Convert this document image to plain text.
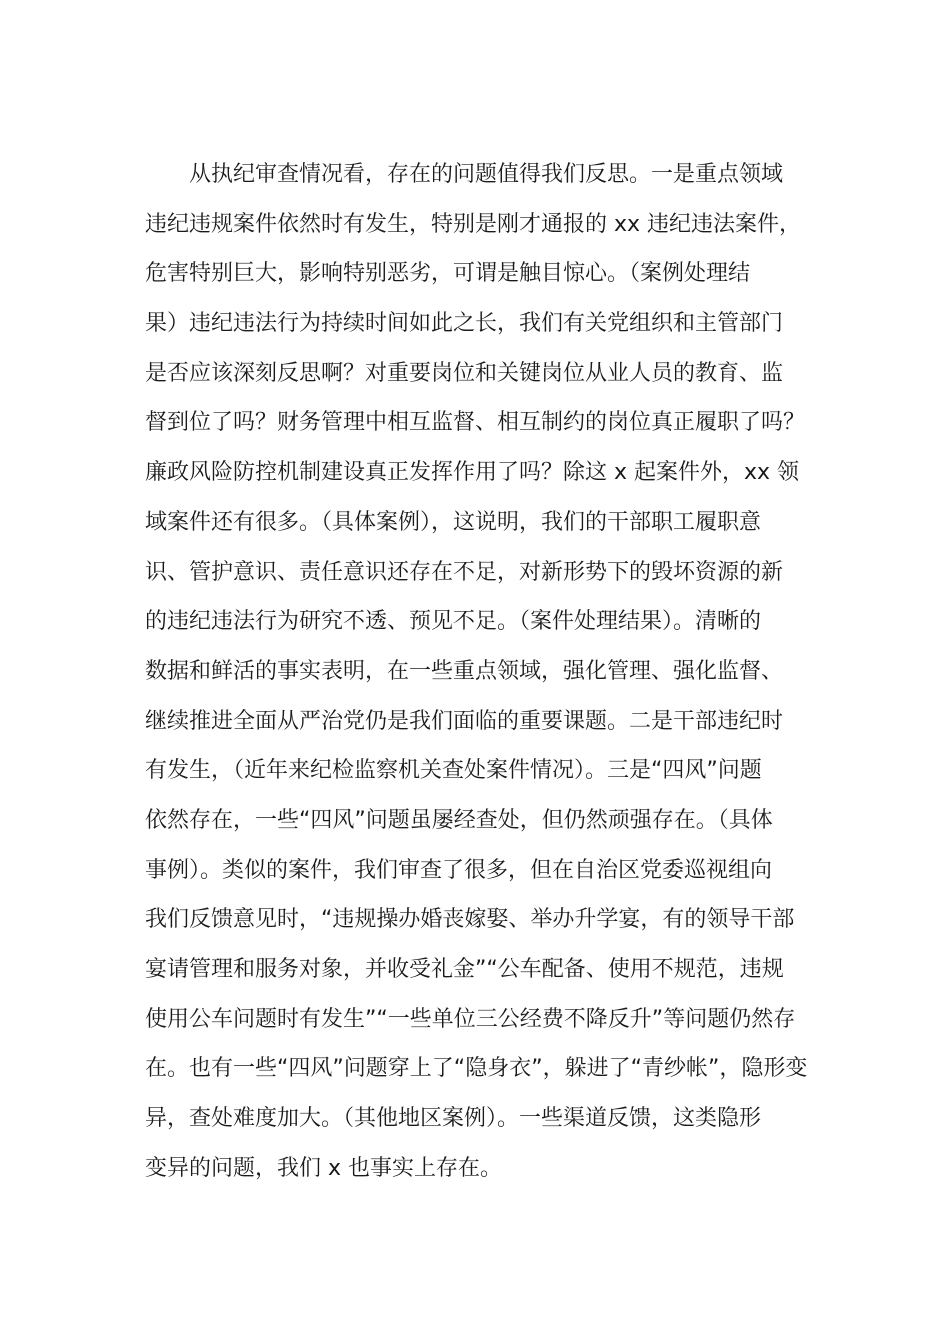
　　从执纪审查情况看，存在的问题值得我们反思。一是重点领域
违纪违规案件依然时有发生，特别是刚才通报的 xx 违纪违法案件，
危害特别巨大，影响特别恶劣，可谓是触目惊心。（案例处理结
果）违纪违法行为持续时间如此之长，我们有关党组织和主管部门
是否应该深刻反思啊？对重要岗位和关键岗位从业人员的教育、监
督到位了吗？财务管理中相互监督、相互制约的岗位真正履职了吗？
廉政风险防控机制建设真正发挥作用了吗？除这 x 起案件外，xx 领
域案件还有很多。（具体案例），这说明，我们的干部职工履职意
识、管护意识、责任意识还存在不足，对新形势下的毁坏资源的新
的违纪违法行为研究不透、预见不足。（案件处理结果）。清晰的
数据和鲜活的事实表明，在一些重点领域，强化管理、强化监督、
继续推进全面从严治党仍是我们面临的重要课题。二是干部违纪时
有发生，（近年来纪检监察机关查处案件情况）。三是“四风”问题
依然存在，一些“四风”问题虽屡经查处，但仍然顽强存在。（具体
事例）。类似的案件，我们审查了很多，但在自治区党委巡视组向
我们反馈意见时，“违规操办婚丧嫁娶、举办升学宴，有的领导干部
宴请管理和服务对象，并收受礼金”“公车配备、使用不规范，违规
使用公车问题时有发生”“一些单位三公经费不降反升”等问题仍然存
在。也有一些“四风”问题穿上了“隐身衣”，躲进了“青纱帐”，隐形变
异，查处难度加大。（其他地区案例）。一些渠道反馈，这类隐形
变异的问题，我们 x 也事实上存在。
